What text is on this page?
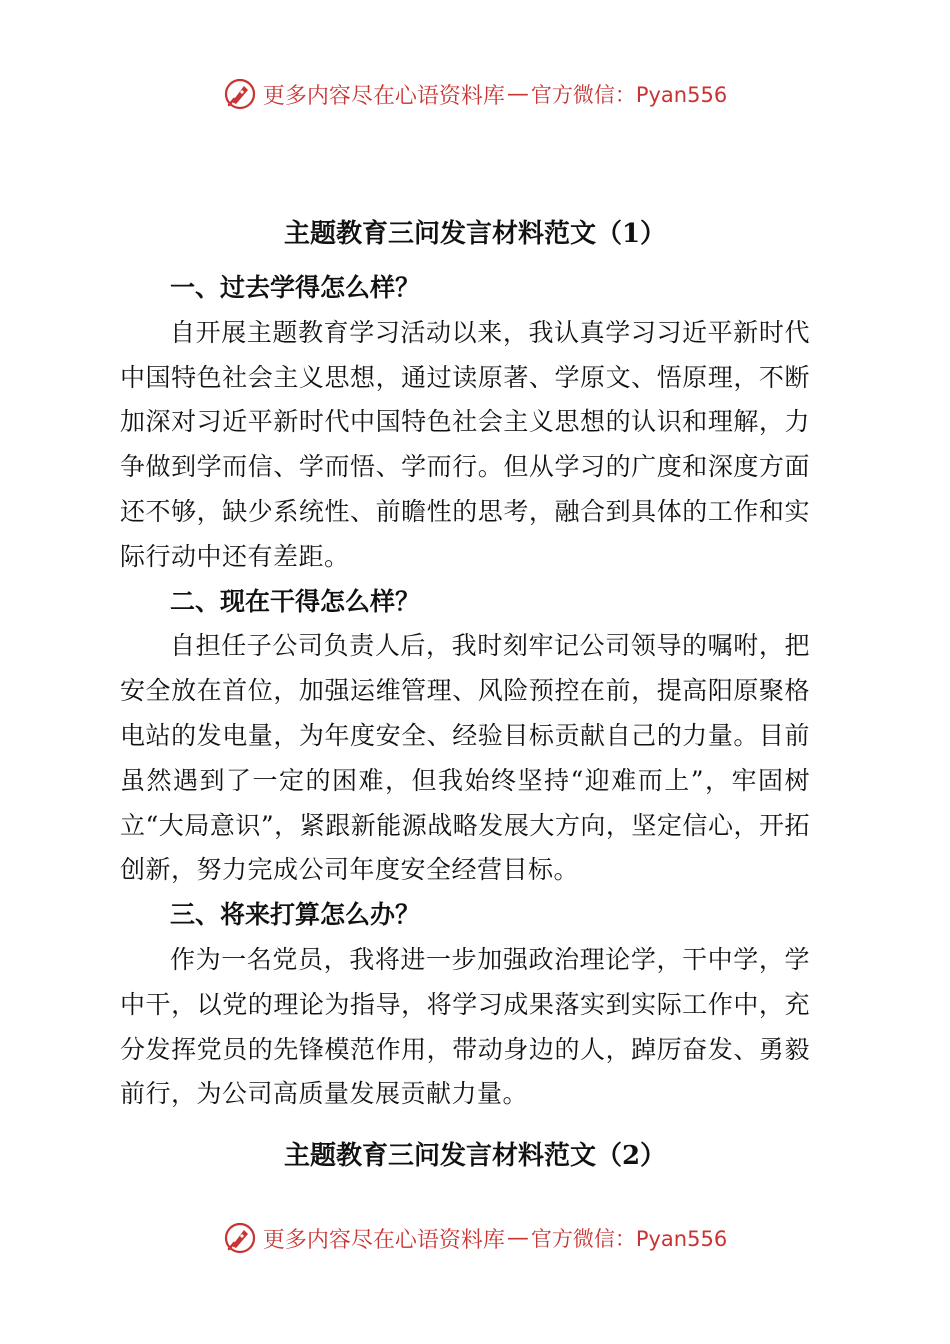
更多内容尽在心语资料库 — 官方微信：Pyan556
主题教育三问发言材料范文（1）

一、过去学得怎么样？

自开展主题教育学习活动以来，我认真学习习近平新时代中国特色社会主义思想，通过读原著、学原文、悟原理，不断加深对习近平新时代中国特色社会主义思想的认识和理解，力争做到学而信、学而悟、学而行。但从学习的广度和深度方面还不够，缺少系统性、前瞻性的思考，融合到具体的工作和实际行动中还有差距。

二、现在干得怎么样？

自担任子公司负责人后，我时刻牢记公司领导的嘱咐，把安全放在首位，加强运维管理、风险预控在前，提高阳原聚格电站的发电量，为年度安全、经验目标贡献自己的力量。目前虽然遇到了一定的困难，但我始终坚持“迎难而上”，牢固树立“大局意识”，紧跟新能源战略发展大方向，坚定信心，开拓创新，努力完成公司年度安全经营目标。

三、将来打算怎么办？

作为一名党员，我将进一步加强政治理论学，干中学，学中干，以党的理论为指导，将学习成果落实到实际工作中，充分发挥党员的先锋模范作用，带动身边的人，踔厉奋发、勇毅前行，为公司高质量发展贡献力量。

主题教育三问发言材料范文（2）
更多内容尽在心语资料库 — 官方微信：Pyan556
